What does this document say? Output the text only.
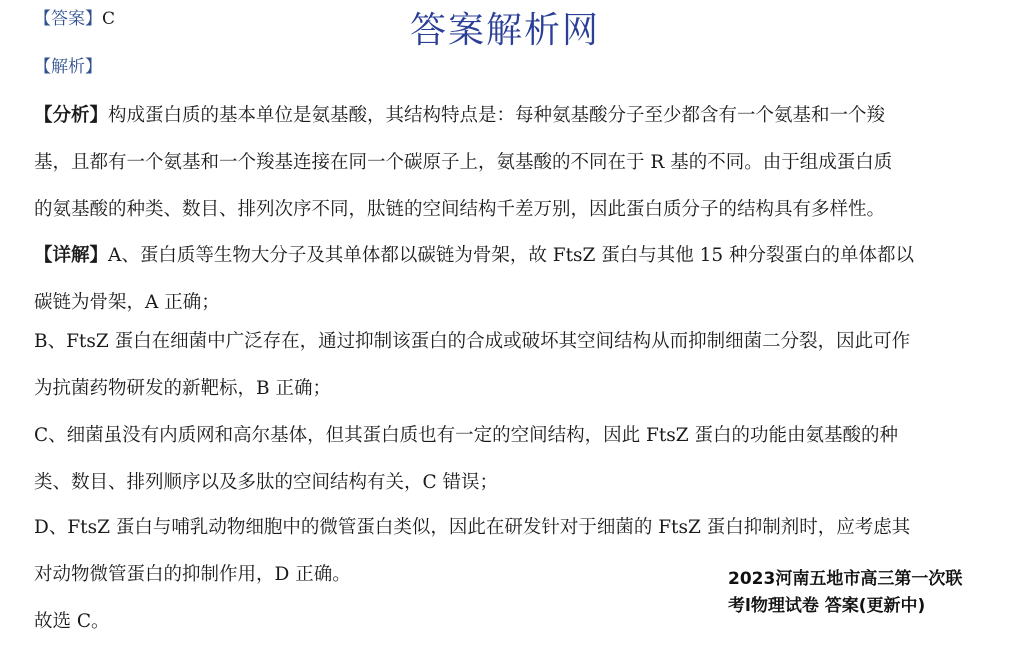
【答案】C	答案解析网
【解析】
【分析】构成蛋白质的基本单位是氨基酸，其结构特点是：每种氨基酸分子至少都含有一个氨基和一个羧
基，且都有一个氨基和一个羧基连接在同一个碳原子上，氨基酸的不同在于 R 基的不同。由于组成蛋白质
的氨基酸的种类、数目、排列次序不同，肽链的空间结构千差万别，因此蛋白质分子的结构具有多样性。
【详解】A、蛋白质等生物大分子及其单体都以碳链为骨架，故 FtsZ 蛋白与其他 15 种分裂蛋白的单体都以
碳链为骨架，A 正确；
B、FtsZ 蛋白在细菌中广泛存在，通过抑制该蛋白的合成或破坏其空间结构从而抑制细菌二分裂，因此可作
为抗菌药物研发的新靶标，B 正确；
C、细菌虽没有内质网和高尔基体，但其蛋白质也有一定的空间结构，因此 FtsZ 蛋白的功能由氨基酸的种
类、数目、排列顺序以及多肽的空间结构有关，C 错误；
D、FtsZ 蛋白与哺乳动物细胞中的微管蛋白类似，因此在研发针对于细菌的 FtsZ 蛋白抑制剂时，应考虑其
对动物微管蛋白的抑制作用，D 正确。
故选 C。
2023河南五地市高三第一次联
考l物理试卷 答案(更新中)
